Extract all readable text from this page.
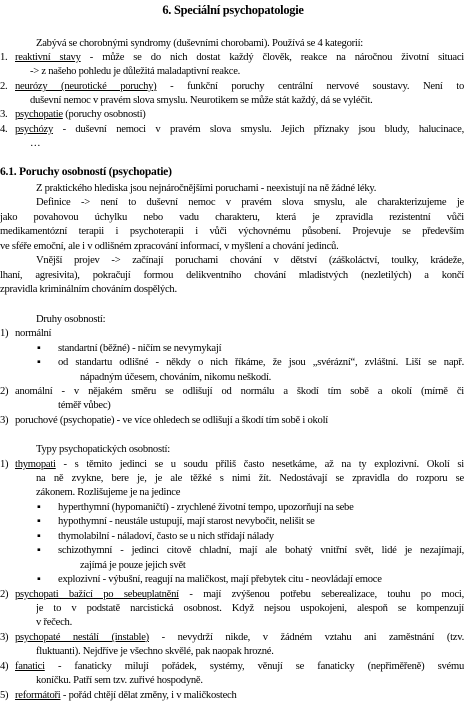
6. Speciální psychopatologie
Zabývá se chorobnými syndromy (duševními chorobami). Používá se 4 kategorií:
1. reaktivní stavy - může se do nich dostat každý člověk, reakce na náročnou životní situaci
-> z našeho pohledu je důležitá maladaptivní reakce.
2. neurózy (neurotické poruchy) - funkční poruchy centrální nervové soustavy. Není to
duševní nemoc v pravém slova smyslu. Neurotikem se může stát každý, dá se vyléčit.
3. psychopatie (poruchy osobnosti)
4. psychózy - duševní nemoci v pravém slova smyslu. Jejich příznaky jsou bludy, halucinace,
…
6.1. Poruchy osobností (psychopatie)
Z praktického hlediska jsou nejnáročnějšími poruchami - neexistují na ně žádné léky.
Definice -> není to duševní nemoc v pravém slova smyslu, ale charakterizujeme je
jako povahovou úchylku nebo vadu charakteru, která je zpravidla rezistentní vůči
medikamentózní terapii i psychoterapii i vůči výchovnému působení. Projevuje se především
ve sféře emoční, ale i v odlišném zpracování informací, v myšlení a chování jedinců.
Vnější projev -> začínají poruchami chování v dětství (záškoláctví, toulky, krádeže,
lhaní, agresivita), pokračují formou delikventního chování mladistvých (nezletilých) a končí
zpravidla kriminálním chováním dospělých.
Druhy osobností:
1) normální
▪ standartní (běžné) - ničím se nevymykají
▪ od standartu odlišné - někdy o nich říkáme, že jsou „svérázní“, zvláštní. Liší se např.
nápadným účesem, chováním, nikomu neškodí.
2) anomální - v nějakém směru se odlišují od normálu a škodí tím sobě a okolí (mírně či
téměř vůbec)
3) poruchové (psychopatie) - ve více ohledech se odlišují a škodí tím sobě i okolí
Typy psychopatických osobností:
1) thymopati - s těmito jedinci se u soudu příliš často nesetkáme, až na ty explozivní. Okolí si
na ně zvykne, bere je, je ale těžké s nimi žít. Nedostávají se zpravidla do rozporu se
zákonem. Rozlišujeme je na jedince
▪ hyperthymní (hypomaničtí) - zrychlené životní tempo, upozorňují na sebe
▪ hypothymní - neustále ustupují, mají starost nevybočit, nelišit se
▪ thymolabilní - náladoví, často se u nich střídají nálady
▪ schizothymní - jedinci citově chladní, mají ale bohatý vnitřní svět, lidé je nezajímají,
zajímá je pouze jejich svět
▪ explozivní - výbušní, reagují na maličkost, mají přebytek citu - neovládají emoce
2) psychopati bažící po sebeuplatnění - mají zvýšenou potřebu seberealizace, touhu po moci,
je to v podstatě narcistická osobnost. Když nejsou uspokojeni, alespoň se kompenzují
v řečech.
3) psychopaté nestálí (instable) - nevydrží nikde, v žádném vztahu ani zaměstnání (tzv.
fluktuanti). Nejdříve je všechno skvělé, pak naopak hrozné.
4) fanatici - fanaticky milují pořádek, systémy, věnují se fanaticky (nepřiměřeně) svému
koníčku. Patří sem tzv. zuřivé hospodyně.
5) reformátoři - pořád chtějí dělat změny, i v maličkostech
